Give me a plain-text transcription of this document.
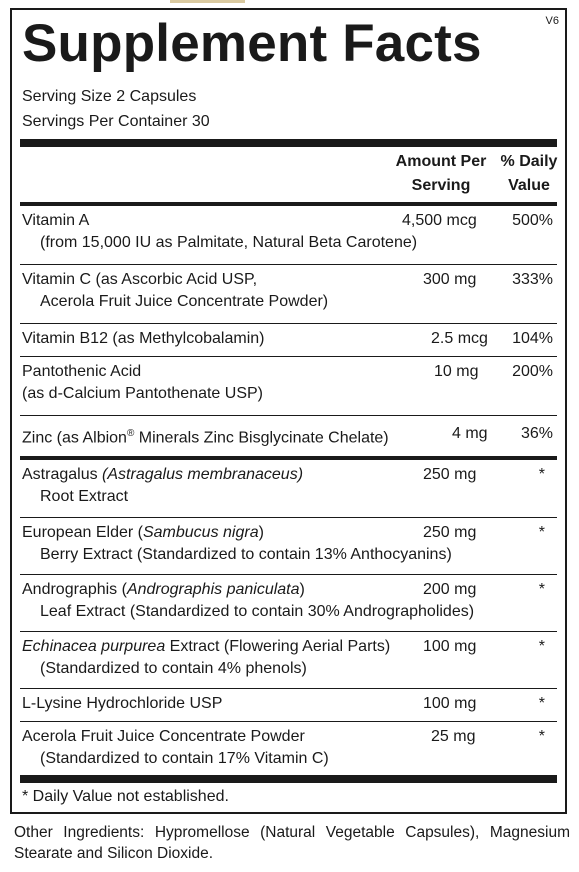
V6
Supplement Facts
Serving Size 2 Capsules
Servings Per Container 30
Amount Per
Serving
% Daily
Value
Vitamin A
(from 15,000 IU as Palmitate, Natural Beta Carotene)
4,500 mcg 500%
Vitamin C (as Ascorbic Acid USP,
Acerola Fruit Juice Concentrate Powder)
300 mg 333%
Vitamin B12 (as Methylcobalamin)	2.5 mcg 104%
Pantothenic Acid
(as d-Calcium Pantothenate USP)
10 mg 200%
Zinc (as Albion® Minerals Zinc Bisglycinate Chelate)	4 mg 36%
Astragalus (Astragalus membranaceus)
Root Extract
250 mg	*
European Elder (Sambucus nigra)
Berry Extract (Standardized to contain 13% Anthocyanins)
250 mg	*
Andrographis (Andrographis paniculata)
Leaf Extract (Standardized to contain 30% Andrographolides)
200 mg	*
Echinacea purpurea Extract (Flowering Aerial Parts)
(Standardized to contain 4% phenols)
100 mg	*
L-Lysine Hydrochloride USP	100 mg	*
Acerola Fruit Juice Concentrate Powder
(Standardized to contain 17% Vitamin C)
25 mg	*
* Daily Value not established.
Other Ingredients: Hypromellose (Natural Vegetable Capsules), Magnesium Stearate and Silicon Dioxide.
